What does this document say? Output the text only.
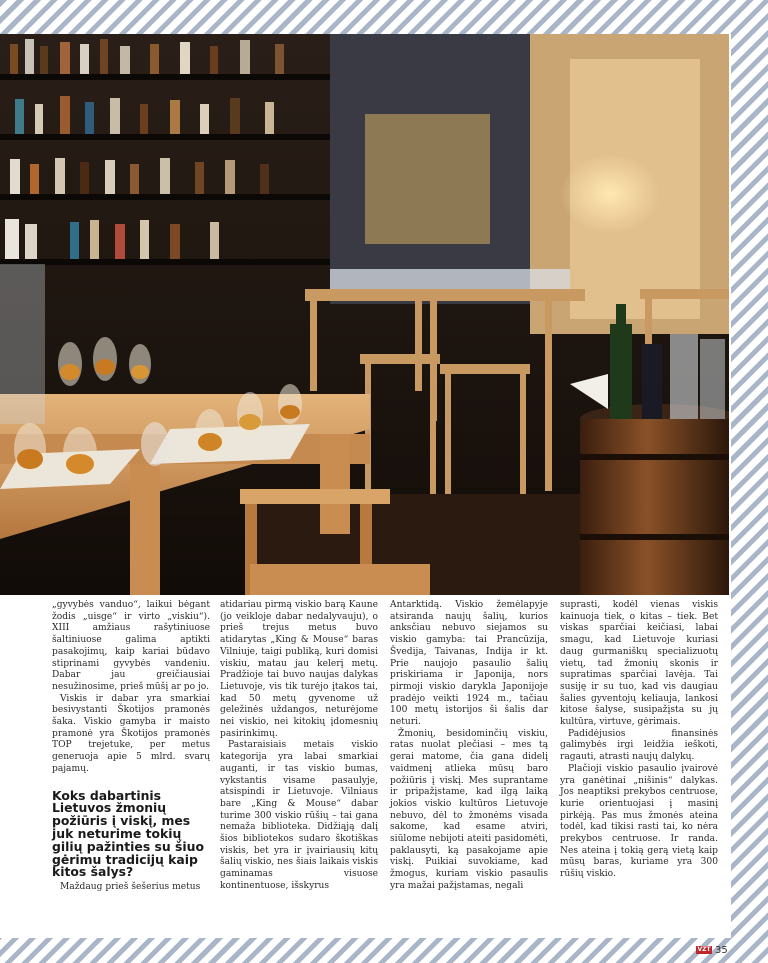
„gyvybės vanduo“, laikui bėgant žodis „uisge“ ir virto „viskiu“). XIII amžiaus rašytiniuose šaltiniuose galima aptikti pasakojimų, kaip kariai būdavo stiprinami gyvybės vandeniu. Dabar jau greičiausiai nesužinosime, prieš mūšį ar po jo.

Viskis ir dabar yra smarkiai besivystanti Škotijos pramonės šaka. Viskio gamyba ir maisto pramonė yra Škotijos pramonės TOP trejetuke, per metus generuoja apie 5 mlrd. svarų pajamų.

Koks dabartinis Lietuvos žmonių požiūris į viskį, mes juk neturime tokių gilių pažinties su šiuo gėrimu tradicijų kaip kitos šalys?

Maždaug prieš šešerius metus

atidariau pirmą viskio barą Kaune (jo veikloje dabar nedalyvauju), o prieš trejus metus buvo atidarytas „King & Mouse“ baras Vilniuje, taigi publiką, kuri domisi viskiu, matau jau kelerį metų. Pradžioje tai buvo naujas dalykas Lietuvoje, vis tik turėjo įtakos tai, kad 50 metų gyvenome už geležinės uždangos, neturėjome nei viskio, nei kitokių įdomesnių pasirinkimų.

Pastaraisiais metais viskio kategorija yra labai smarkiai auganti, ir tas viskio bumas, vykstantis visame pasaulyje, atsispindi ir Lietuvoje. Vilniaus bare „King & Mouse“ dabar turime 300 viskio rūšių – tai gana nemaža biblioteka. Didžiąją dalį šios bibliotekos sudaro škotiškas viskis, bet yra ir įvairiausių kitų šalių viskio, nes šiais laikais viskis gaminamas visuose kontinentuose, išskyrus

Antarktidą. Viskio žemėlapyje atsiranda naujų šalių, kurios anksčiau nebuvo siejamos su viskio gamyba: tai Prancūzija, Švedija, Taivanas, Indija ir kt. Prie naujojo pasaulio šalių priskiriama ir Japonija, nors pirmoji viskio darykla Japonijoje pradėjo veikti 1924 m., tačiau 100 metų istorijos ši šalis dar neturi.

Žmonių, besidominčių viskiu, ratas nuolat plečiasi – mes tą gerai matome, čia gana didelį vaidmenį atlieka mūsų baro požiūris į viskį. Mes suprantame ir pripažįstame, kad ilgą laiką jokios viskio kultūros Lietuvoje nebuvo, dėl to žmonėms visada sakome, kad esame atviri, siūlome nebijoti ateiti pasidomėti, paklausyti, ką pasakojame apie viskį. Puikiai suvokiame, kad žmogus, kuriam viskio pasaulis yra mažai pažįstamas, negali

suprasti, kodėl vienas viskis kainuoja tiek, o kitas – tiek. Bet viskas sparčiai keičiasi, labai smagu, kad Lietuvoje kuriasi daug gurmaniškų specializuotų vietų, tad žmonių skonis ir supratimas sparčiai lavėja. Tai susiję ir su tuo, kad vis daugiau šalies gyventojų keliauja, lankosi kitose šalyse, susipažįsta su jų kultūra, virtuve, gėrimais.

Padidėjusios finansinės galimybės irgi leidžia ieškoti, ragauti, atrasti naujų dalykų.

Plačioji viskio pasaulio įvairovė yra ganėtinai „nišinis“ dalykas. Jos neaptiksi prekybos centruose, kurie orientuojasi į masinį pirkėją. Pas mus žmonės ateina todėl, kad tikisi rasti tai, ko nėra prekybos centruose. Ir randa. Nes ateina į tokią gerą vietą kaip mūsų baras, kuriame yra 300 rūšių viskio.

VZT 35
